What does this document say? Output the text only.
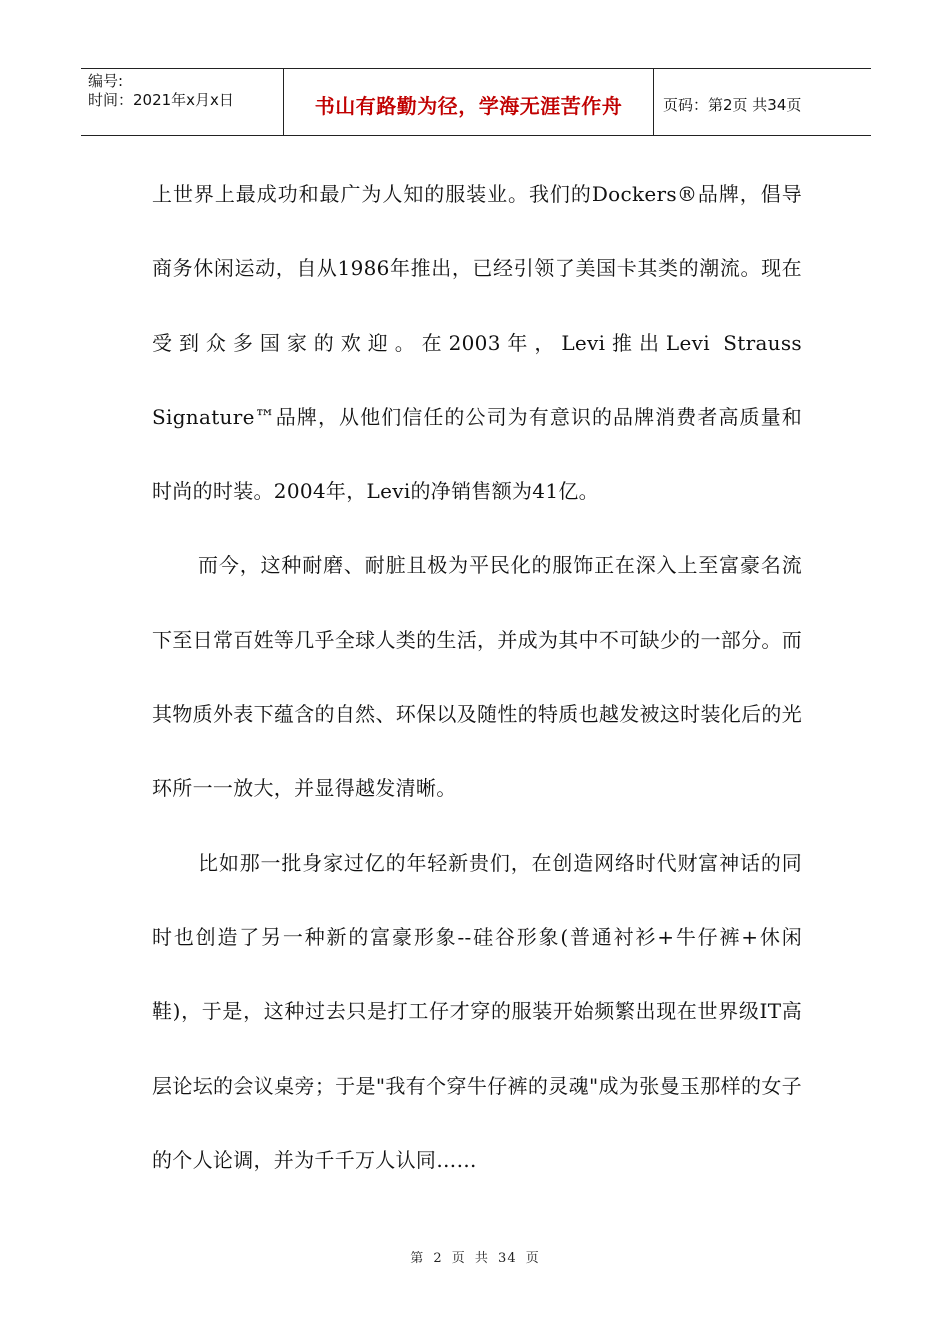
编号:
时间：2021年x月x日	书山有路勤为径，学海无涯苦作舟	页码：第2页 共34页

上世界上最成功和最广为人知的服装业。我们的Dockers®品牌，倡导商务休闲运动，自从1986年推出，已经引领了美国卡其类的潮流。现在受到众多国家的欢迎。在2003年，Levi推出Levi Strauss Signature™品牌，从他们信任的公司为有意识的品牌消费者高质量和时尚的时装。2004年，Levi的净销售额为41亿。

而今，这种耐磨、耐脏且极为平民化的服饰正在深入上至富豪名流下至日常百姓等几乎全球人类的生活，并成为其中不可缺少的一部分。而其物质外表下蕴含的自然、环保以及随性的特质也越发被这时装化后的光环所一一放大，并显得越发清晰。

比如那一批身家过亿的年轻新贵们，在创造网络时代财富神话的同时也创造了另一种新的富豪形象--硅谷形象(普通衬衫+牛仔裤+休闲鞋)，于是，这种过去只是打工仔才穿的服装开始频繁出现在世界级IT高层论坛的会议桌旁；于是"我有个穿牛仔裤的灵魂"成为张曼玉那样的女子的个人论调，并为千千万人认同……

第 2 页 共 34 页
